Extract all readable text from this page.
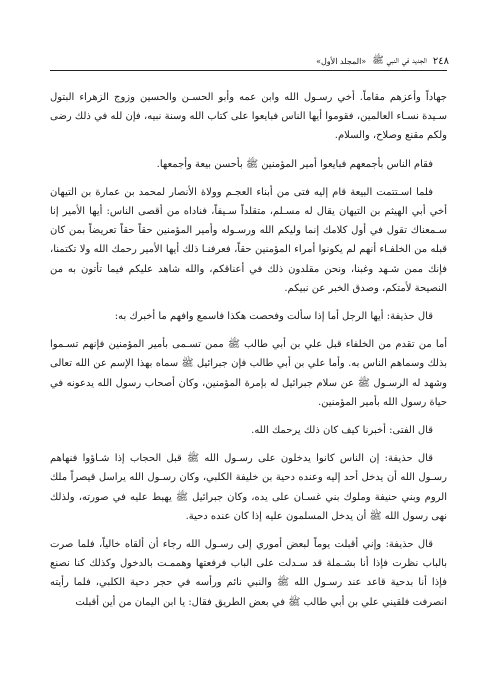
٢٤٨
الجديد في النبي ﷺ
«المجلد الأول»

جهاداً وأعزهم مقاماً. أخي رسـول الله وابن عمه وأبو الحسـن والحسين وزوج الزهراء البتول سـيدة نسـاء العالمين، فقوموا أيها الناس فبايعوا على كتاب الله وسنة نبيه، فإن لله في ذلك رضى ولكم مقنع وصلاح، والسلام.

فقام الناس بأجمعهم فبايعوا أمير المؤمنين ﷺ بأحسن بيعة وأجمعها.

فلما اسـتتمت البيعة قام إليه فتى من أبناء العجـم وولاة الأنصار لمحمد بن عمارة بن التيهان أخي أبي الهيثم بن التيهان يقال له مسـلم، متقلداً سـيفاً، فناداه من أقصى الناس: أيها الأمير إنا سـمعناك تقول في أول كلامك إنما وليكم الله ورسـوله وأمير المؤمنين حقاً حقاً تعريضاً بمن كان قبله من الخلفـاء أنهم لم يكونوا أمراء المؤمنين حقاً، فعرفنـا ذلك أيها الأمير رحمك الله ولا تكتمنا، فإنك ممن شـهد وغبنا، ونحن مقلدون ذلك في أعناقكم، والله شاهد عليكم فيما تأتون به من النصيحة لأمتكم، وصدق الخبر عن نبيكم.

قال حذيفة: أيها الرجل أما إذا سألت وفحصت هكذا فاسمع وافهم ما أخبرك به:

أما من تقدم من الخلفاء قبل علي بن أبي طالب ﷺ ممن تسـمى بأمير المؤمنين فإنهم تسـموا بذلك وسماهم الناس به. وأما علي بن أبي طالب فإن جبرائيل ﷺ سماه بهذا الإسم عن الله تعالى وشهد له الرسـول ﷺ عن سلام جبرائيل له بإمرة المؤمنين، وكان أصحاب رسول الله يدعونه في حياة رسول الله بأمير المؤمنين.

قال الفتى: أخبرنا كيف كان ذلك يرحمك الله.

قال حذيفة: إن الناس كانوا يدخلون على رسـول الله ﷺ قبل الحجاب إذا شـاؤوا فنهاهم رسـول الله أن يدخل أحد إليه وعنده دحية بن خليفة الكلبي، وكان رسـول الله يراسل قيصراً ملك الروم وبني حنيفة وملوك بني غسـان على يده، وكان جبرائيل ﷺ يهبط عليه في صورته، ولذلك نهى رسول الله ﷺ أن يدخل المسلمون عليه إذا كان عنده دحية.

قال حذيفة: وإني أقبلت يوماً لبعض أموري إلى رسـول الله رجاء أن ألقاه خالياً، فلما صرت بالباب نظرت فإذا أنا بشـملة قد سـدلت على الباب فرفعتها وهممـت بالدخول وكذلك كنا نصنع فإذا أنا بدحية قاعد عند رسـول الله ﷺ والنبي نائم ورأسه في حجر دحية الكلبي، فلما رأيته انصرفت فلقيني علي بن أبي طالب ﷺ في بعض الطريق فقال: يا ابن اليمان من أين أقبلت
